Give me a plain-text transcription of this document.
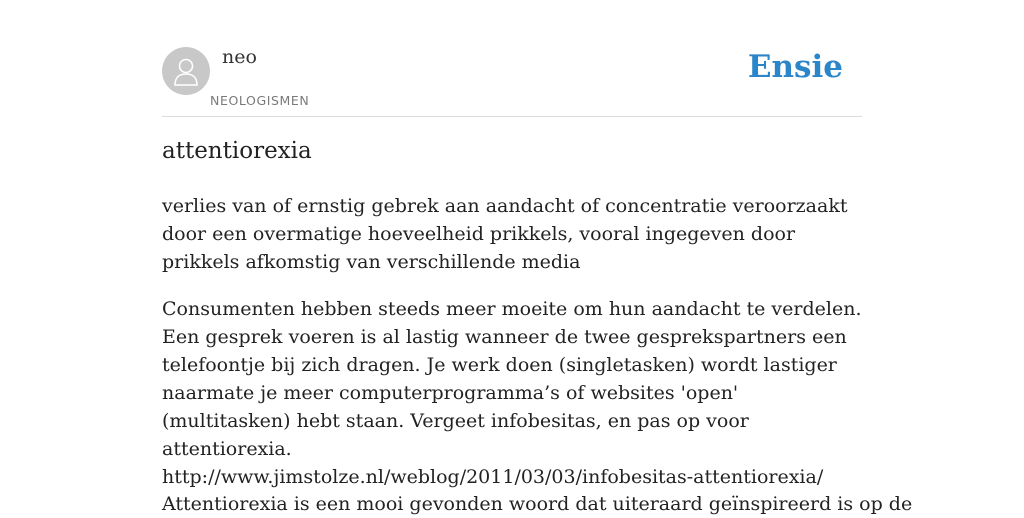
neo
NEOLOGISMEN
Ensie
attentiorexia

verlies van of ernstig gebrek aan aandacht of concentratie veroorzaakt door een overmatige hoeveelheid prikkels, vooral ingegeven door prikkels afkomstig van verschillende media

Consumenten hebben steeds meer moeite om hun aandacht te verdelen. Een gesprek voeren is al lastig wanneer de twee gesprekspartners een telefoontje bij zich dragen. Je werk doen (singletasken) wordt lastiger naarmate je meer computerprogramma’s of websites 'open' (multitasken) hebt staan. Vergeet infobesitas, en pas op voor attentiorexia.
http://www.jimstolze.nl/weblog/2011/03/03/infobesitas-attentiorexia/

Attentiorexia is een mooi gevonden woord dat uiteraard geïnspireerd is op de
